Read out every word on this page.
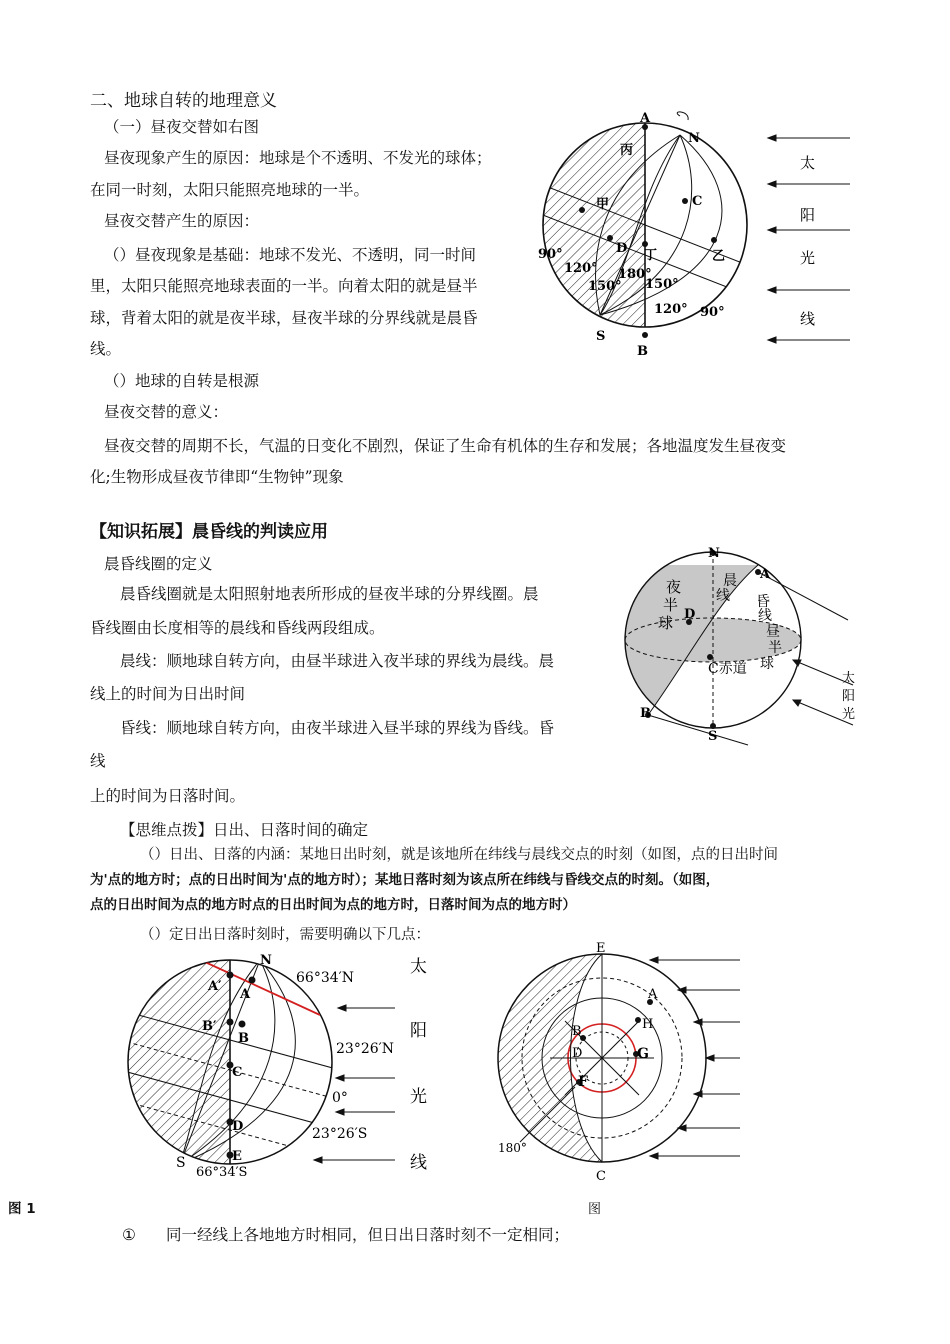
二、地球自转的地理意义
（一）昼夜交替如右图
昼夜现象产生的原因：地球是个不透明、不发光的球体；
在同一时刻，太阳只能照亮地球的一半。
昼夜交替产生的原因：
（）昼夜现象是基础：地球不发光、不透明，同一时间
里，太阳只能照亮地球表面的一半。向着太阳的就是昼半
球，背着太阳的就是夜半球，昼夜半球的分界线就是晨昏
线。
（）地球的自转是根源
昼夜交替的意义：
昼夜交替的周期不长，气温的日变化不剧烈，保证了生命有机体的生存和发展；各地温度发生昼夜变
化;生物形成昼夜节律即“生物钟”现象
【知识拓展】晨昏线的判读应用
晨昏线圈的定义
晨昏线圈就是太阳照射地表所形成的昼夜半球的分界线圈。晨
昏线圈由长度相等的晨线和昏线两段组成。
晨线：顺地球自转方向，由昼半球进入夜半球的界线为晨线。晨
线上的时间为日出时间
昏线：顺地球自转方向，由夜半球进入昼半球的界线为昏线。昏
线
上的时间为日落时间。
【思维点拨】日出、日落时间的确定
（）日出、日落的内涵：某地日出时刻，就是该地所在纬线与晨线交点的时刻（如图，点的日出时间
为'点的地方时；点的日出时间为'点的地方时）；某地日落时刻为该点所在纬线与昏线交点的时刻。（如图，
点的日出时间为点的地方时点的日出时间为点的地方时，日落时间为点的地方时）
（）定日出日落时刻时，需要明确以下几点：
图 1	图
① 同一经线上各地地方时相同，但日出日落时刻不一定相同；
A
N
丙
C
甲
D 丁	乙
90°
120° 180°
150° 150°
120° 90°
S
B
太
阳
光
线
N
A
夜
半
球 D
晨
线 昏
线
昼
半
球
C赤道
B
S
太
阳
光
N
A′
A
B′
B
C
D
E
S
66°34′N
23°26′N
0°
23°26′S
66°34′S
太
阳
光
线
E
A
H
B
D	G
F
C
180°
